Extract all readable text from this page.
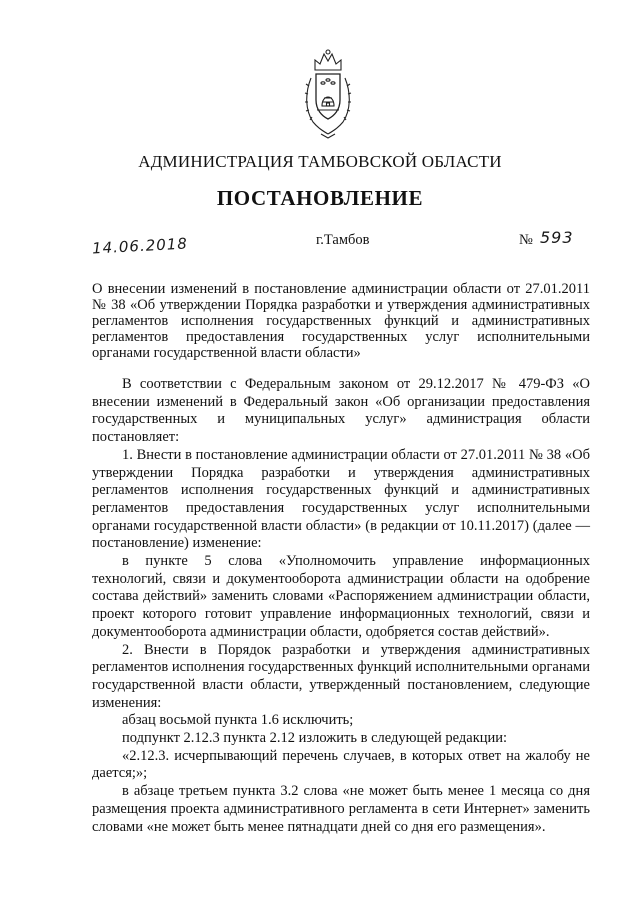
АДМИНИСТРАЦИЯ ТАМБОВСКОЙ ОБЛАСТИ
ПОСТАНОВЛЕНИЕ
14.06.2018	г.Тамбов	№ 593
О внесении изменений в постановление администрации области от 27.01.2011 № 38 «Об утверждении Порядка разработки и утверждения административных регламентов исполнения государственных функций и административных регламентов предоставления государственных услуг исполнительными органами государственной власти области»

В соответствии с Федеральным законом от 29.12.2017 № 479-ФЗ «О внесении изменений в Федеральный закон «Об организации предоставления государственных и муниципальных услуг» администрация области постановляет:

1. Внести в постановление администрации области от 27.01.2011 № 38 «Об утверждении Порядка разработки и утверждения административных регламентов исполнения государственных функций и административных регламентов предоставления государственных услуг исполнительными органами государственной власти области» (в редакции от 10.11.2017) (далее — постановление) изменение:

в пункте 5 слова «Уполномочить управление информационных технологий, связи и документооборота администрации области на одобрение состава действий» заменить словами «Распоряжением администрации области, проект которого готовит управление информационных технологий, связи и документооборота администрации области, одобряется состав действий».

2. Внести в Порядок разработки и утверждения административных регламентов исполнения государственных функций исполнительными органами государственной власти области, утвержденный постановлением, следующие изменения:

абзац восьмой пункта 1.6 исключить;

подпункт 2.12.3 пункта 2.12 изложить в следующей редакции:

«2.12.3. исчерпывающий перечень случаев, в которых ответ на жалобу не дается;»;

в абзаце третьем пункта 3.2 слова «не может быть менее 1 месяца со дня размещения проекта административного регламента в сети Интернет» заменить словами «не может быть менее пятнадцати дней со дня его размещения».
